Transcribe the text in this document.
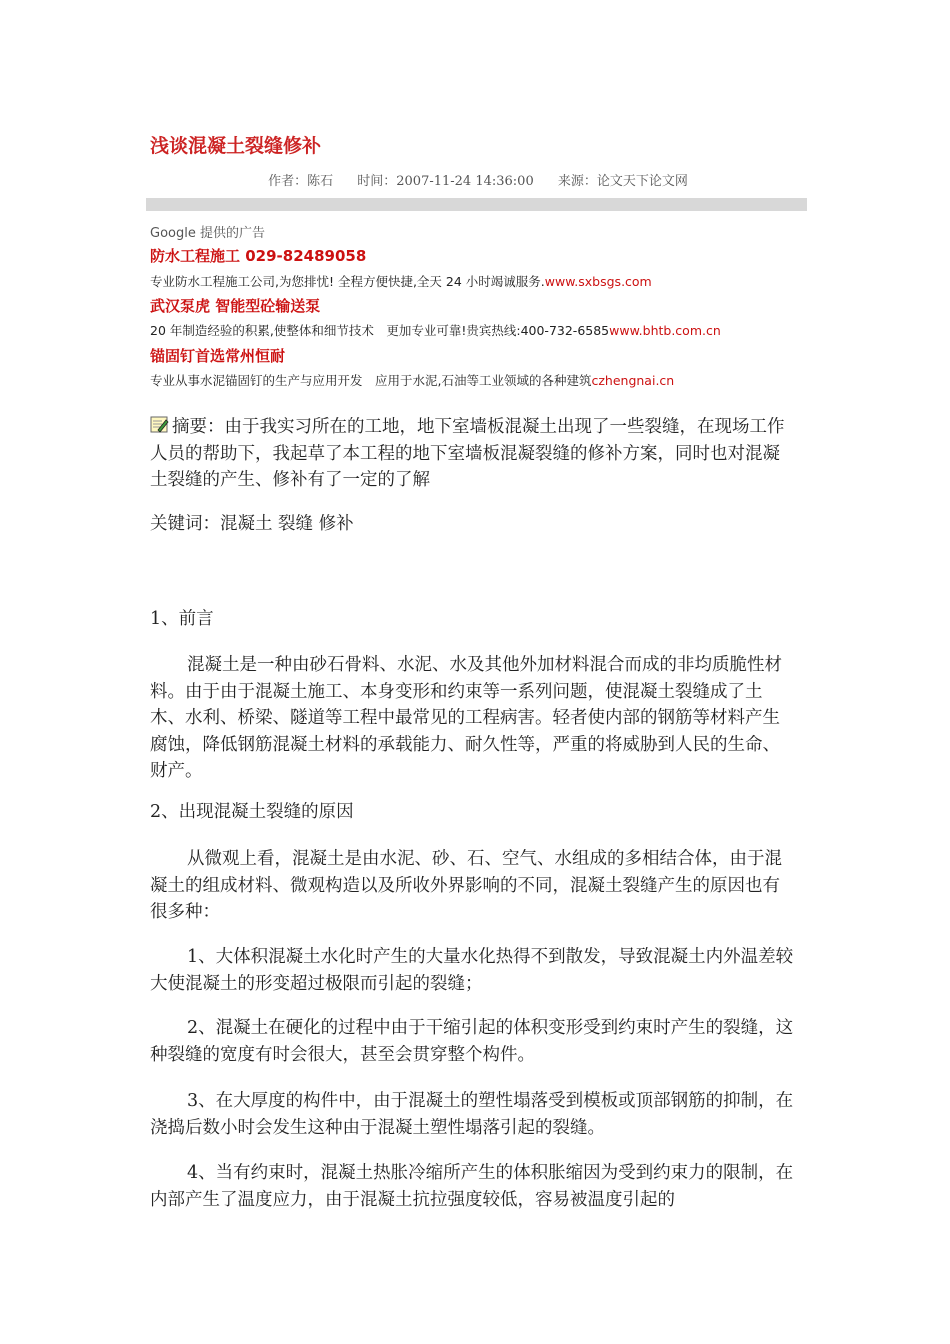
浅谈混凝土裂缝修补
作者：陈石 时间：2007-11-24 14:36:00 来源：论文天下论文网
Google 提供的广告
防水工程施工 029-82489058
专业防水工程施工公司,为您排忧! 全程方便快捷,全天 24 小时竭诚服务.www.sxbsgs.com
武汉泵虎 智能型砼输送泵
20 年制造经验的积累,使整体和细节技术　更加专业可靠!贵宾热线:400-732-6585www.bhtb.com.cn
锚固钉首选常州恒耐
专业从事水泥锚固钉的生产与应用开发　应用于水泥,石油等工业领域的各种建筑czhengnai.cn
摘要：由于我实习所在的工地，地下室墙板混凝土出现了一些裂缝，在现场工作人员的帮助下，我起草了本工程的地下室墙板混凝裂缝的修补方案，同时也对混凝土裂缝的产生、修补有了一定的了解
关键词：混凝土 裂缝 修补
1、前言
混凝土是一种由砂石骨料、水泥、水及其他外加材料混合而成的非均质脆性材料。由于由于混凝土施工、本身变形和约束等一系列问题，使混凝土裂缝成了土木、水利、桥梁、隧道等工程中最常见的工程病害。轻者使内部的钢筋等材料产生腐蚀，降低钢筋混凝土材料的承载能力、耐久性等，严重的将威胁到人民的生命、财产。
2、出现混凝土裂缝的原因
从微观上看，混凝土是由水泥、砂、石、空气、水组成的多相结合体，由于混凝土的组成材料、微观构造以及所收外界影响的不同，混凝土裂缝产生的原因也有很多种：
1、大体积混凝土水化时产生的大量水化热得不到散发，导致混凝土内外温差较大使混凝土的形变超过极限而引起的裂缝；
2、混凝土在硬化的过程中由于干缩引起的体积变形受到约束时产生的裂缝，这种裂缝的宽度有时会很大，甚至会贯穿整个构件。
3、在大厚度的构件中，由于混凝土的塑性塌落受到模板或顶部钢筋的抑制，在浇捣后数小时会发生这种由于混凝土塑性塌落引起的裂缝。
4、当有约束时，混凝土热胀冷缩所产生的体积胀缩因为受到约束力的限制，在内部产生了温度应力，由于混凝土抗拉强度较低，容易被温度引起的
